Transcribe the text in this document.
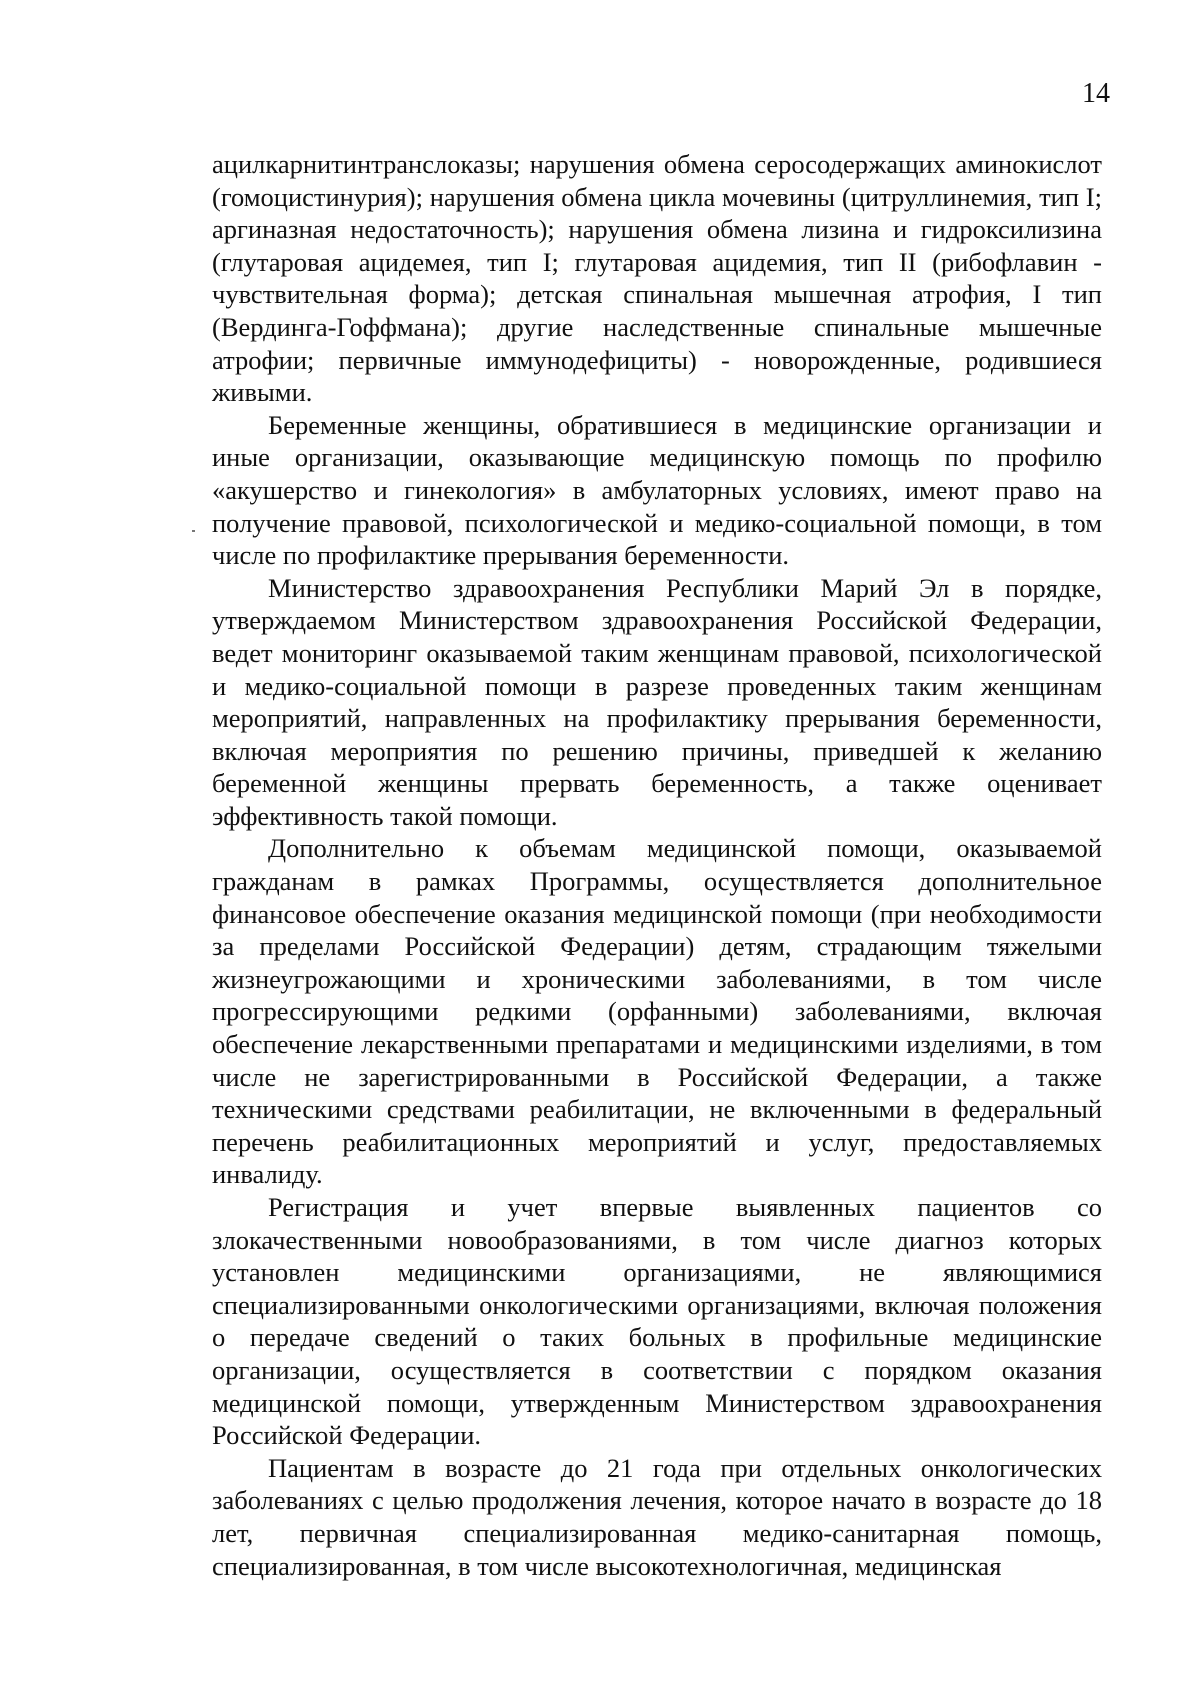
14

ацилкарнитинтранслоказы; нарушения обмена серосодержащих аминокислот (гомоцистинурия); нарушения обмена цикла мочевины (цитруллинемия, тип I; аргиназная недостаточность); нарушения обмена лизина и гидроксилизина (глутаровая ацидемея, тип I; глутаровая ацидемия, тип II (рибофлавин - чувствительная форма); детская спинальная мышечная атрофия, I тип (Вердинга-Гоффмана); другие наследственные спинальные мышечные атрофии; первичные иммунодефициты) - новорожденные, родившиеся живыми.

Беременные женщины, обратившиеся в медицинские организации и иные организации, оказывающие медицинскую помощь по профилю «акушерство и гинекология» в амбулаторных условиях, имеют право на получение правовой, психологической и медико-социальной помощи, в том числе по профилактике прерывания беременности.

Министерство здравоохранения Республики Марий Эл в порядке, утверждаемом Министерством здравоохранения Российской Федерации, ведет мониторинг оказываемой таким женщинам правовой, психологической и медико-социальной помощи в разрезе проведенных таким женщинам мероприятий, направленных на профилактику прерывания беременности, включая мероприятия по решению причины, приведшей к желанию беременной женщины прервать беременность, а также оценивает эффективность такой помощи.

Дополнительно к объемам медицинской помощи, оказываемой гражданам в рамках Программы, осуществляется дополнительное финансовое обеспечение оказания медицинской помощи (при необходимости за пределами Российской Федерации) детям, страдающим тяжелыми жизнеугрожающими и хроническими заболеваниями, в том числе прогрессирующими редкими (орфанными) заболеваниями, включая обеспечение лекарственными препаратами и медицинскими изделиями, в том числе не зарегистрированными в Российской Федерации, а также техническими средствами реабилитации, не включенными в федеральный перечень реабилитационных мероприятий и услуг, предоставляемых инвалиду.

Регистрация и учет впервые выявленных пациентов со злокачественными новообразованиями, в том числе диагноз которых установлен медицинскими организациями, не являющимися специализированными онкологическими организациями, включая положения о передаче сведений о таких больных в профильные медицинские организации, осуществляется в соответствии с порядком оказания медицинской помощи, утвержденным Министерством здравоохранения Российской Федерации.

Пациентам в возрасте до 21 года при отдельных онкологических заболеваниях с целью продолжения лечения, которое начато в возрасте до 18 лет, первичная специализированная медико-санитарная помощь, специализированная, в том числе высокотехнологичная, медицинская
